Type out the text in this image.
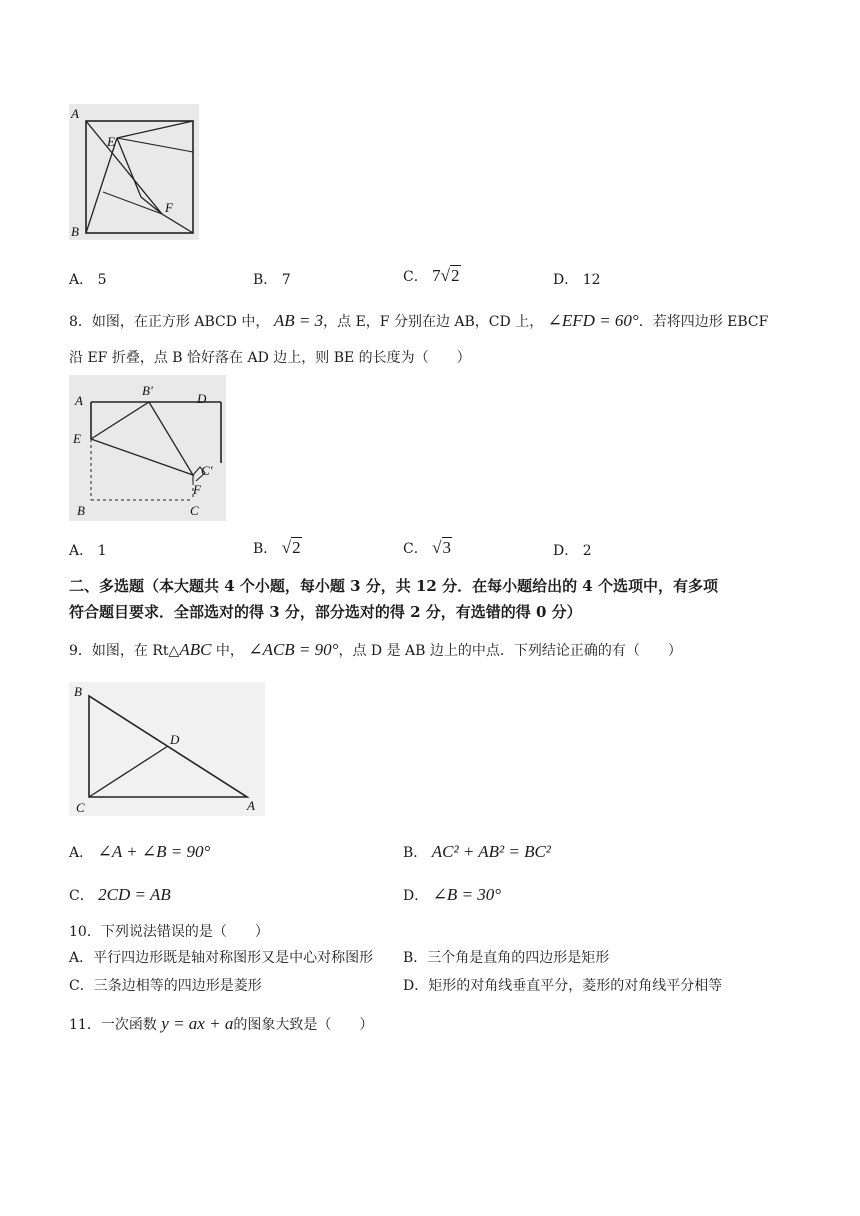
A
E
F
B
A． 5	B． 7	C． 7√2	D． 12
8．如图，在正方形 ABCD 中， AB = 3，点 E，F 分别在边 AB，CD 上， ∠EFD = 60°．若将四边形 EBCF
沿 EF 折叠，点 B 恰好落在 AD 边上，则 BE 的长度为（　　）
A
B'
D
E
C'
F
B	C
A． 1	B． √2	C． √3	D． 2
二、多选题（本大题共 4 个小题，每小题 3 分，共 12 分．在每小题给出的 4 个选项中，有多项
符合题目要求．全部选对的得 3 分，部分选对的得 2 分，有选错的得 0 分）
9．如图，在 Rt△ABC 中， ∠ACB = 90°，点 D 是 AB 边上的中点．下列结论正确的有（　　）
B
D
C	A
A． ∠A + ∠B = 90°	B． AC² + AB² = BC²
C． 2CD = AB	D． ∠B = 30°
10．下列说法错误的是（　　）
A．平行四边形既是轴对称图形又是中心对称图形 B．三个角是直角的四边形是矩形
C．三条边相等的四边形是菱形	D．矩形的对角线垂直平分，菱形的对角线平分相等
11．一次函数 y = ax + a的图象大致是（　　）
